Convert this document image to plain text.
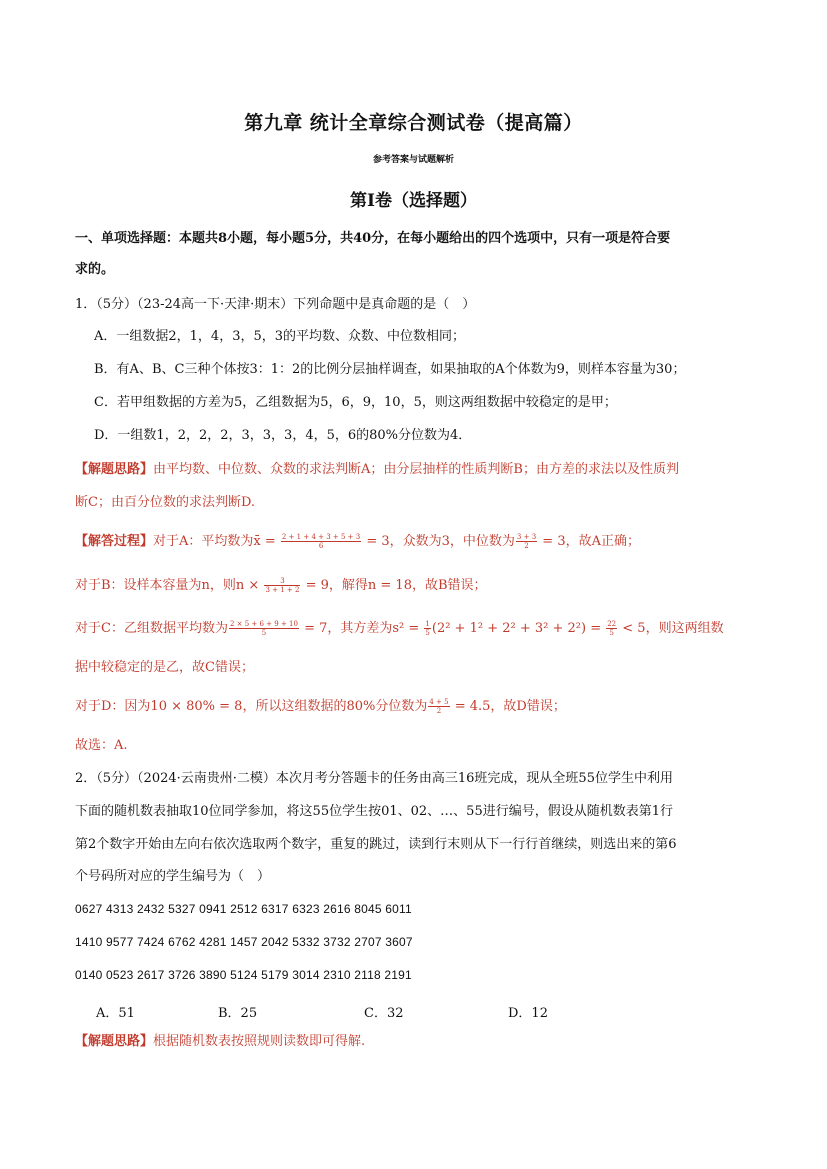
第九章 统计全章综合测试卷（提高篇）
参考答案与试题解析
第Ⅰ卷（选择题）
一、单项选择题：本题共8小题，每小题5分，共40分，在每小题给出的四个选项中，只有一项是符合要
求的。
1．（5分）（23-24高一下·天津·期末）下列命题中是真命题的是（　）
A．一组数据2，1，4，3，5，3的平均数、众数、中位数相同；
B．有A、B、C三种个体按3：1：2的比例分层抽样调查，如果抽取的A个体数为9，则样本容量为30；
C．若甲组数据的方差为5，乙组数据为5，6，9，10，5，则这两组数据中较稳定的是甲；
D．一组数1，2，2，2，3，3，3，4，5，6的80%分位数为4．
【解题思路】由平均数、中位数、众数的求法判断A；由分层抽样的性质判断B；由方差的求法以及性质判
断C；由百分位数的求法判断D.
【解答过程】对于A：平均数为x̄ = $\frac{2 + 1 + 4 + 3 + 5 + 3}{6} = 3$，众数为3，中位数为 $\frac{3 + 3}{2} = 3$，故A正确；
对于B：设样本容量为n，则$n \times \frac{3}{3 + 1 + 2} = 9$，解得n = 18，故B错误；
对于C：乙组数据平均数为 $\frac{2 \times 5 + 6 + 9 + 10}{5} = 7$，其方差为$s^2 = \frac{1}{5} (2^2 + 1^2 + 2^2 + 3^2 + 2^2) = \frac{22}{5} < 5$，则这两组数
据中较稳定的是乙，故C错误；
对于D：因为10 × 80% = 8，所以这组数据的80%分位数为 $\frac{4 + 5}{2} = 4.5$，故D错误；
故选：A.
2．（5分）（2024·云南贵州·二模）本次月考分答题卡的任务由高三16班完成，现从全班55位学生中利用
下面的随机数表抽取10位同学参加，将这55位学生按01、02、…、55进行编号，假设从随机数表第1行
第2个数字开始由左向右依次选取两个数字，重复的跳过，读到行末则从下一行行首继续，则选出来的第6
个号码所对应的学生编号为（　）
0627 4313 2432 5327 0941 2512 6317 6323 2616 8045 6011
1410 9577 7424 6762 4281 1457 2042 5332 3732 2707 3607
0140 0523 2617 3726 3890 5124 5179 3014 2310 2118 2191
A．51	B．25	C．32	D．12
【解题思路】根据随机数表按照规则读数即可得解.
